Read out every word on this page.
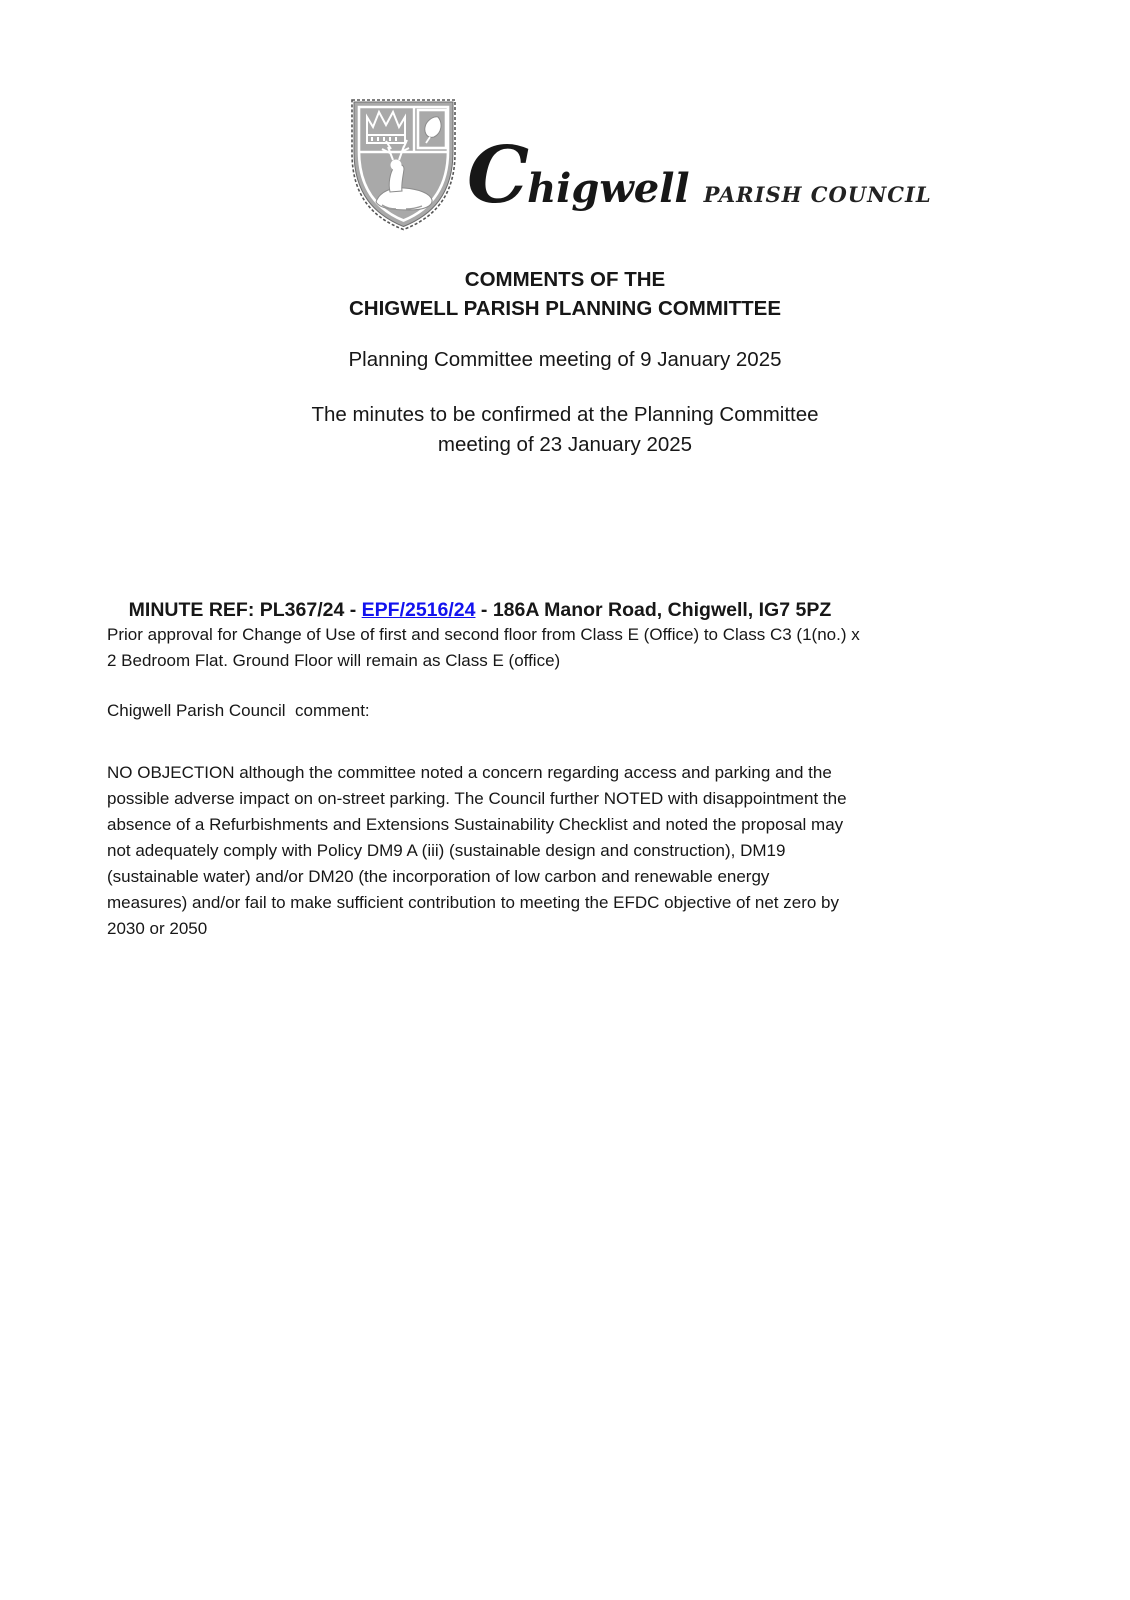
C higwell PARISH COUNCIL
COMMENTS OF THE
CHIGWELL PARISH PLANNING COMMITTEE
Planning Committee meeting of 9 January 2025
The minutes to be confirmed at the Planning Committee
meeting of 23 January 2025

MINUTE REF: PL367/24 - EPF/2516/24 - 186A Manor Road, Chigwell, IG7 5PZ

Prior approval for Change of Use of first and second floor from Class E (Office) to Class C3 (1(no.) x
2 Bedroom Flat. Ground Floor will remain as Class E (office)
Chigwell Parish Council  comment:
NO OBJECTION although the committee noted a concern regarding access and parking and the
possible adverse impact on on-street parking. The Council further NOTED with disappointment the
absence of a Refurbishments and Extensions Sustainability Checklist and noted the proposal may
not adequately comply with Policy DM9 A (iii) (sustainable design and construction), DM19
(sustainable water) and/or DM20 (the incorporation of low carbon and renewable energy
measures) and/or fail to make sufficient contribution to meeting the EFDC objective of net zero by
2030 or 2050
